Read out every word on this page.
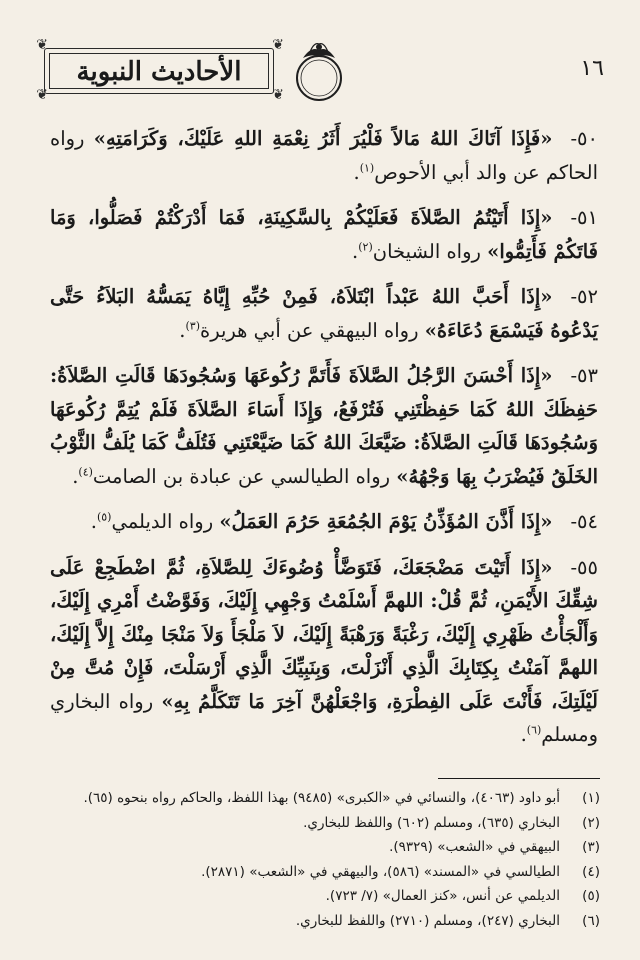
❦	❦
❦	❦
الأحاديث النبوية	١٦

٥٠-«فَإِذَا آتَاكَ اللهُ مَالاً فَلْيُرَ أَثَرُ نِعْمَةِ اللهِ عَلَيْكَ، وَكَرَامَتِهِ» رواه الحاكم عن والد أبي الأحوص$^{(١)}$.

٥١-«إِذَا أَتَيْتُمُ الصَّلاَةَ فَعَلَيْكُمْ بِالسَّكِينَةِ، فَمَا أَدْرَكْتُمْ فَصَلُّوا، وَمَا فَاتَكُمْ فَأَتِمُّوا» رواه الشيخان$^{(٢)}$.

٥٢-«إِذَا أَحَبَّ اللهُ عَبْداً ابْتَلاَهُ، فَمِنْ حُبِّهِ إِيَّاهُ يَمَسُّهُ البَلاَءُ حَتَّى يَدْعُوهُ فَيَسْمَعَ دُعَاءَهُ» رواه البيهقي عن أبي هريرة$^{(٣)}$.

٥٣-«إِذَا أَحْسَنَ الرَّجُلُ الصَّلاَةَ فَأَتَمَّ رُكُوعَهَا وَسُجُودَهَا قَالَتِ الصَّلاَةُ: حَفِظَكَ اللهُ كَمَا حَفِظْتَنِي فَتُرْفَعُ، وَإِذَا أَسَاءَ الصَّلاَةَ فَلَمْ يُتِمَّ رُكُوعَهَا وَسُجُودَهَا قَالَتِ الصَّلاَةُ: ضَيَّعَكَ اللهُ كَمَا ضَيَّعْتَنِي فَتُلَفُّ كَمَا يُلَفُّ الثَّوْبُ الخَلَقُ فَيُضْرَبُ بِهَا وَجْهُهُ» رواه الطيالسي عن عبادة بن الصامت$^{(٤)}$.

٥٤-«إِذَا أَذَّنَ المُؤَذِّنُ يَوْمَ الجُمُعَةِ حَرُمَ العَمَلُ» رواه الديلمي$^{(٥)}$.

٥٥-«إِذَا أَتَيْتَ مَضْجَعَكَ، فَتَوَضَّأْ وُضُوءَكَ لِلصَّلاَةِ، ثُمَّ اضْطَجِعْ عَلَى شِقِّكَ الأَيْمَنِ، ثُمَّ قُلْ: اللهمَّ أَسْلَمْتُ وَجْهِي إِلَيْكَ، وَفَوَّضْتُ أَمْرِي إِلَيْكَ، وَأَلْجَأْتُ ظَهْرِي إِلَيْكَ، رَغْبَةً وَرَهْبَةً إِلَيْكَ، لاَ مَلْجَأَ وَلاَ مَنْجَا مِنْكَ إِلاَّ إِلَيْكَ، اللهمَّ آمَنْتُ بِكِتَابِكَ الَّذِي أَنْزَلْتَ، وَبِنَبِيِّكَ الَّذِي أَرْسَلْتَ، فَإِنْ مُتَّ مِنْ لَيْلَتِكَ، فَأَنْتَ عَلَى الفِطْرَةِ، وَاجْعَلْهُنَّ آخِرَ مَا تَتَكَلَّمُ بِهِ» رواه البخاري ومسلم$^{(٦)}$.

(١)
أبو داود (٤٠٦٣)، والنسائي في «الكبرى» (٩٤٨٥) بهذا اللفظ، والحاكم رواه بنحوه (٦٥).
(٢)
البخاري (٦٣٥)، ومسلم (٦٠٢) واللفظ للبخاري.
(٣)
البيهقي في «الشعب» (٩٣٢٩).
(٤)
الطيالسي في «المسند» (٥٨٦)، والبيهقي في «الشعب» (٢٨٧١).
(٥)
الديلمي عن أنس، «كنز العمال» (٧/ ٧٢٣).
(٦)
البخاري (٢٤٧)، ومسلم (٢٧١٠) واللفظ للبخاري.
